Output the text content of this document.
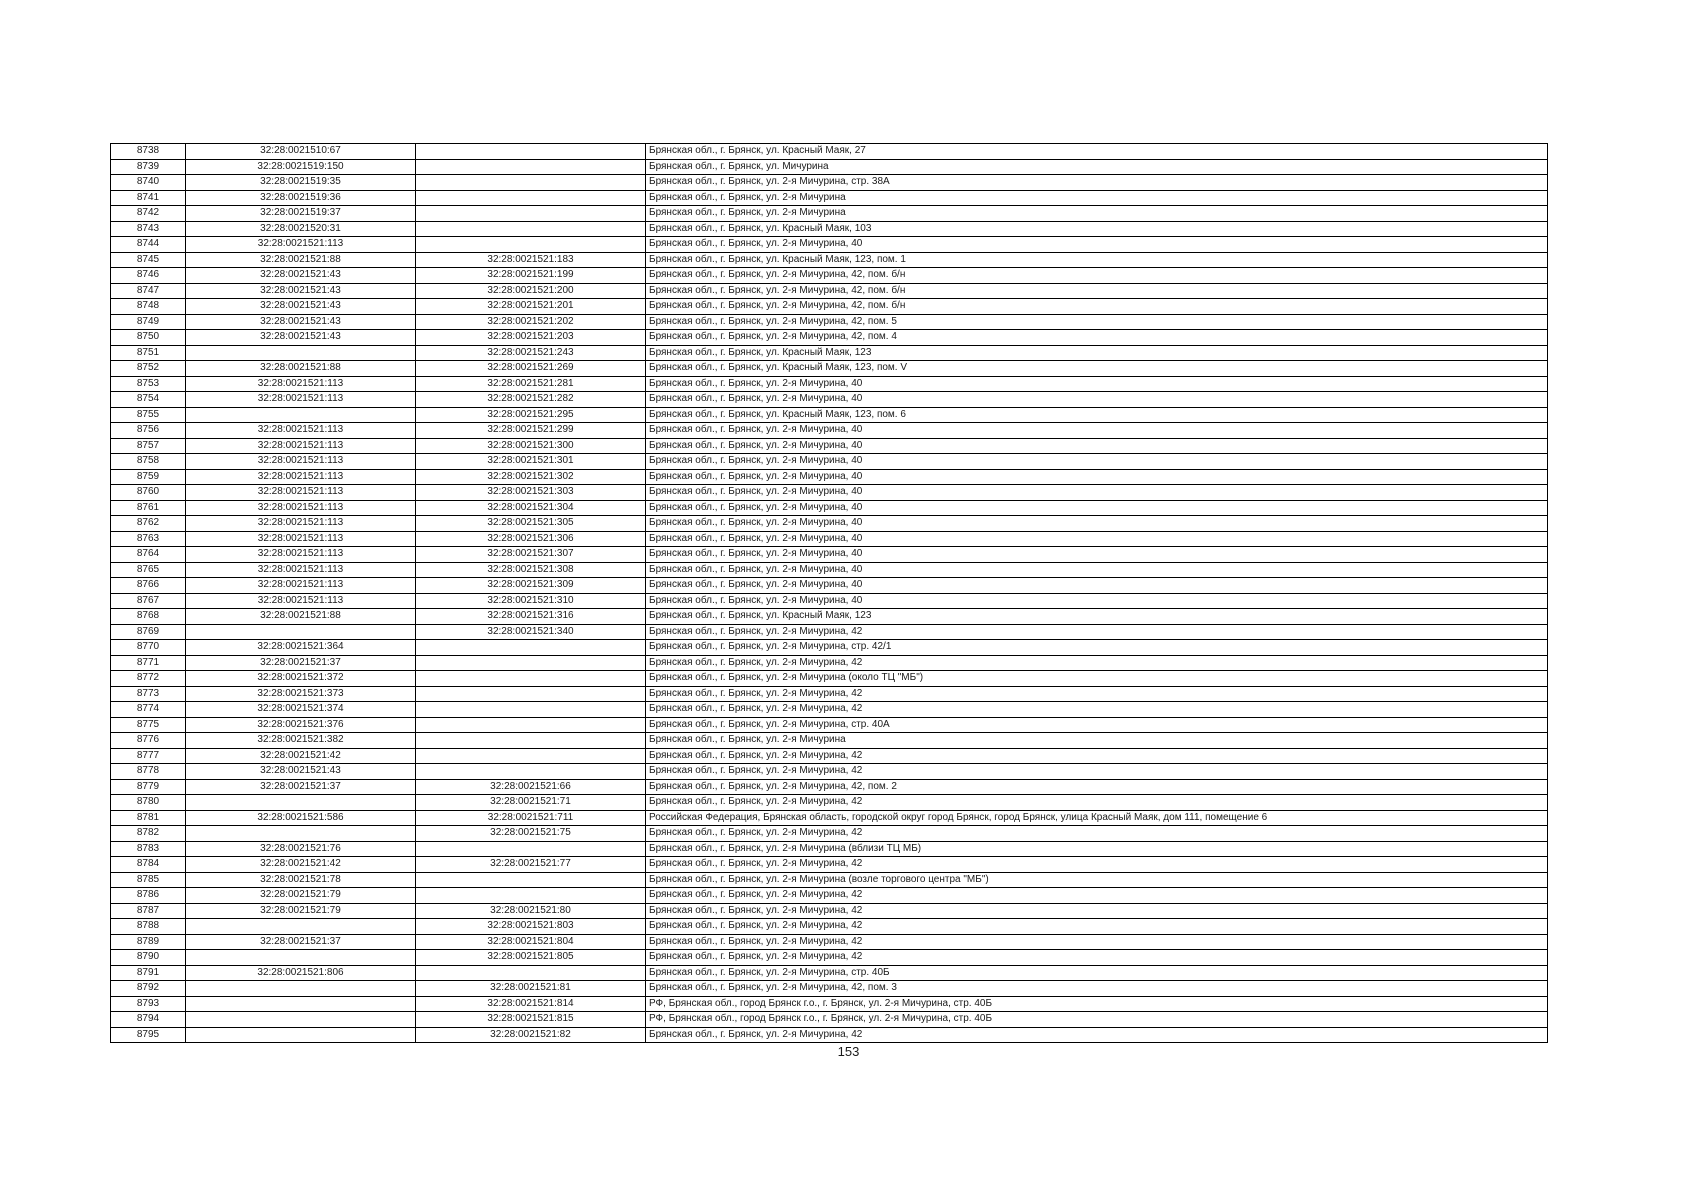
8738	32:28:0021510:67		Брянская обл., г. Брянск, ул. Красный Маяк, 27
8739	32:28:0021519:150		Брянская обл., г. Брянск, ул. Мичурина
8740	32:28:0021519:35		Брянская обл., г. Брянск, ул. 2-я Мичурина, стр. 38А
8741	32:28:0021519:36		Брянская обл., г. Брянск, ул. 2-я Мичурина
8742	32:28:0021519:37		Брянская обл., г. Брянск, ул. 2-я Мичурина
8743	32:28:0021520:31		Брянская обл., г. Брянск, ул. Красный Маяк, 103
8744	32:28:0021521:113		Брянская обл., г. Брянск, ул. 2-я Мичурина, 40
8745	32:28:0021521:88	32:28:0021521:183	Брянская обл., г. Брянск, ул. Красный Маяк, 123, пом. 1
8746	32:28:0021521:43	32:28:0021521:199	Брянская обл., г. Брянск, ул. 2-я Мичурина, 42, пом. б/н
8747	32:28:0021521:43	32:28:0021521:200	Брянская обл., г. Брянск, ул. 2-я Мичурина, 42, пом. б/н
8748	32:28:0021521:43	32:28:0021521:201	Брянская обл., г. Брянск, ул. 2-я Мичурина, 42, пом. б/н
8749	32:28:0021521:43	32:28:0021521:202	Брянская обл., г. Брянск, ул. 2-я Мичурина, 42, пом. 5
8750	32:28:0021521:43	32:28:0021521:203	Брянская обл., г. Брянск, ул. 2-я Мичурина, 42, пом. 4
8751		32:28:0021521:243	Брянская обл., г. Брянск, ул. Красный Маяк, 123
8752	32:28:0021521:88	32:28:0021521:269	Брянская обл., г. Брянск, ул. Красный Маяк, 123, пом. V
8753	32:28:0021521:113	32:28:0021521:281	Брянская обл., г. Брянск, ул. 2-я Мичурина, 40
8754	32:28:0021521:113	32:28:0021521:282	Брянская обл., г. Брянск, ул. 2-я Мичурина, 40
8755		32:28:0021521:295	Брянская обл., г. Брянск, ул. Красный Маяк, 123, пом. 6
8756	32:28:0021521:113	32:28:0021521:299	Брянская обл., г. Брянск, ул. 2-я Мичурина, 40
8757	32:28:0021521:113	32:28:0021521:300	Брянская обл., г. Брянск, ул. 2-я Мичурина, 40
8758	32:28:0021521:113	32:28:0021521:301	Брянская обл., г. Брянск, ул. 2-я Мичурина, 40
8759	32:28:0021521:113	32:28:0021521:302	Брянская обл., г. Брянск, ул. 2-я Мичурина, 40
8760	32:28:0021521:113	32:28:0021521:303	Брянская обл., г. Брянск, ул. 2-я Мичурина, 40
8761	32:28:0021521:113	32:28:0021521:304	Брянская обл., г. Брянск, ул. 2-я Мичурина, 40
8762	32:28:0021521:113	32:28:0021521:305	Брянская обл., г. Брянск, ул. 2-я Мичурина, 40
8763	32:28:0021521:113	32:28:0021521:306	Брянская обл., г. Брянск, ул. 2-я Мичурина, 40
8764	32:28:0021521:113	32:28:0021521:307	Брянская обл., г. Брянск, ул. 2-я Мичурина, 40
8765	32:28:0021521:113	32:28:0021521:308	Брянская обл., г. Брянск, ул. 2-я Мичурина, 40
8766	32:28:0021521:113	32:28:0021521:309	Брянская обл., г. Брянск, ул. 2-я Мичурина, 40
8767	32:28:0021521:113	32:28:0021521:310	Брянская обл., г. Брянск, ул. 2-я Мичурина, 40
8768	32:28:0021521:88	32:28:0021521:316	Брянская обл., г. Брянск, ул. Красный Маяк, 123
8769		32:28:0021521:340	Брянская обл., г. Брянск, ул. 2-я Мичурина, 42
8770	32:28:0021521:364		Брянская обл., г. Брянск, ул. 2-я Мичурина, стр. 42/1
8771	32:28:0021521:37		Брянская обл., г. Брянск, ул. 2-я Мичурина, 42
8772	32:28:0021521:372		Брянская обл., г. Брянск, ул. 2-я Мичурина (около ТЦ "МБ")
8773	32:28:0021521:373		Брянская обл., г. Брянск, ул. 2-я Мичурина, 42
8774	32:28:0021521:374		Брянская обл., г. Брянск, ул. 2-я Мичурина, 42
8775	32:28:0021521:376		Брянская обл., г. Брянск, ул. 2-я Мичурина, стр. 40А
8776	32:28:0021521:382		Брянская обл., г. Брянск, ул. 2-я Мичурина
8777	32:28:0021521:42		Брянская обл., г. Брянск, ул. 2-я Мичурина, 42
8778	32:28:0021521:43		Брянская обл., г. Брянск, ул. 2-я Мичурина, 42
8779	32:28:0021521:37	32:28:0021521:66	Брянская обл., г. Брянск, ул. 2-я Мичурина, 42, пом. 2
8780		32:28:0021521:71	Брянская обл., г. Брянск, ул. 2-я Мичурина, 42
8781	32:28:0021521:586	32:28:0021521:711	Российская Федерация, Брянская область, городской округ город Брянск, город Брянск, улица Красный Маяк, дом 111, помещение 6
8782		32:28:0021521:75	Брянская обл., г. Брянск, ул. 2-я Мичурина, 42
8783	32:28:0021521:76		Брянская обл., г. Брянск, ул. 2-я Мичурина (вблизи ТЦ МБ)
8784	32:28:0021521:42	32:28:0021521:77	Брянская обл., г. Брянск, ул. 2-я Мичурина, 42
8785	32:28:0021521:78		Брянская обл., г. Брянск, ул. 2-я Мичурина (возле торгового центра "МБ")
8786	32:28:0021521:79		Брянская обл., г. Брянск, ул. 2-я Мичурина, 42
8787	32:28:0021521:79	32:28:0021521:80	Брянская обл., г. Брянск, ул. 2-я Мичурина, 42
8788		32:28:0021521:803	Брянская обл., г. Брянск, ул. 2-я Мичурина, 42
8789	32:28:0021521:37	32:28:0021521:804	Брянская обл., г. Брянск, ул. 2-я Мичурина, 42
8790		32:28:0021521:805	Брянская обл., г. Брянск, ул. 2-я Мичурина, 42
8791	32:28:0021521:806		Брянская обл., г. Брянск, ул. 2-я Мичурина, стр. 40Б
8792		32:28:0021521:81	Брянская обл., г. Брянск, ул. 2-я Мичурина, 42, пом. 3
8793		32:28:0021521:814	РФ, Брянская обл., город Брянск г.о., г. Брянск, ул. 2-я Мичурина, стр. 40Б
8794		32:28:0021521:815	РФ, Брянская обл., город Брянск г.о., г. Брянск, ул. 2-я Мичурина, стр. 40Б
8795		32:28:0021521:82	Брянская обл., г. Брянск, ул. 2-я Мичурина, 42
153
